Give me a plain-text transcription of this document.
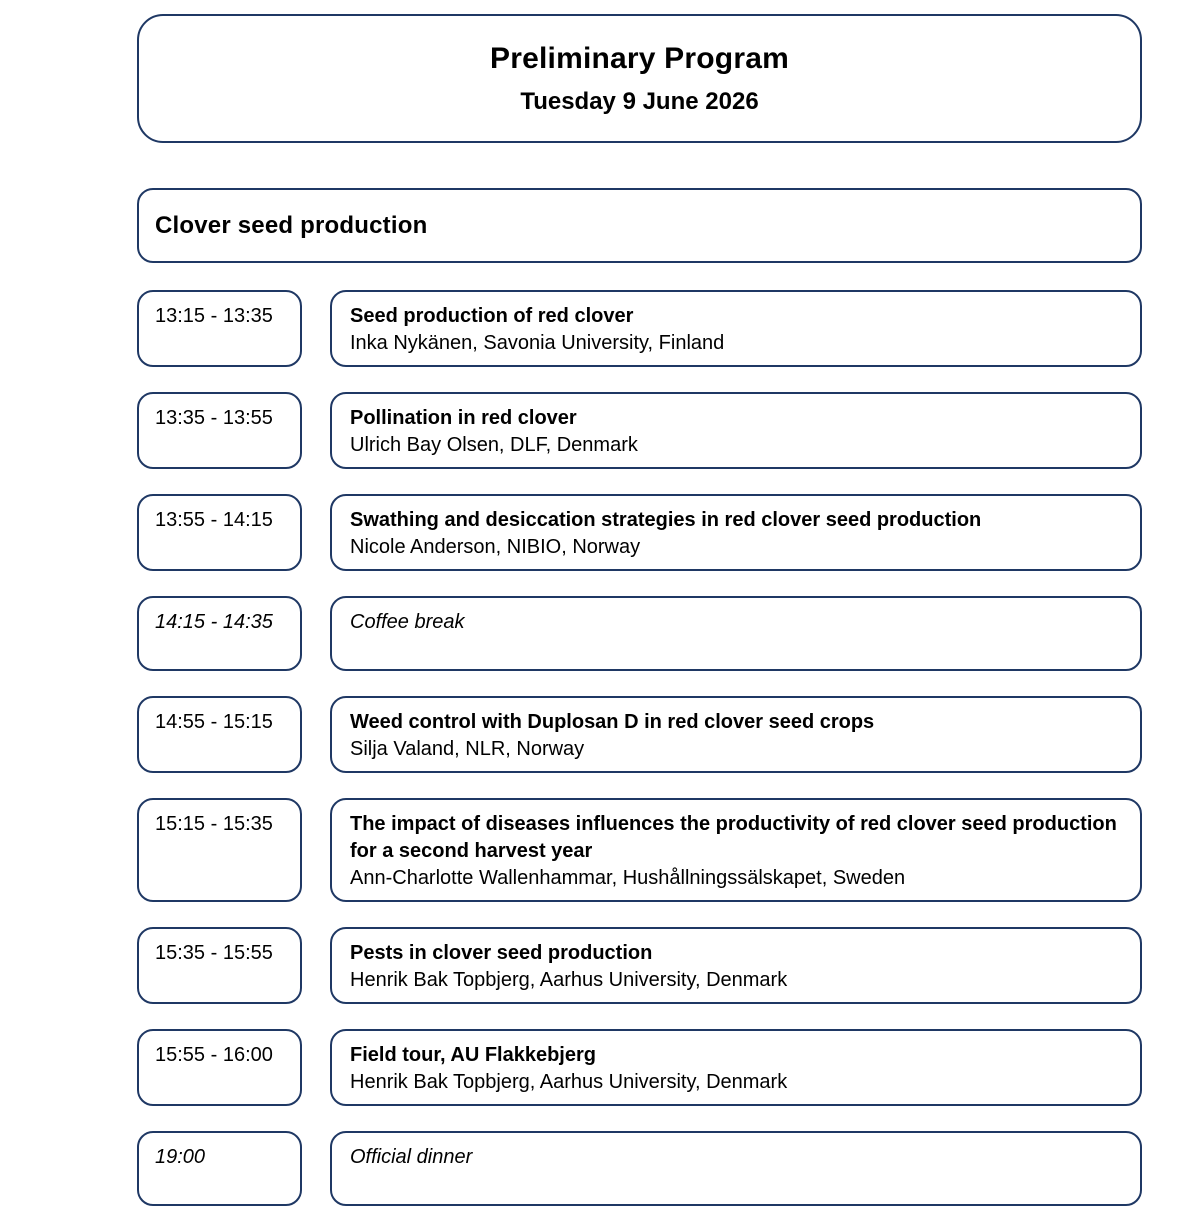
Preliminary Program
Tuesday 9 June 2026
Clover seed production
13:15 - 13:35	Seed production of red clover
Inka Nykänen, Savonia University, Finland
13:35 - 13:55	Pollination in red clover
Ulrich Bay Olsen, DLF, Denmark
13:55 - 14:15	Swathing and desiccation strategies in red clover seed production
Nicole Anderson, NIBIO, Norway
14:15 - 14:35	Coffee break
14:55 - 15:15	Weed control with Duplosan D in red clover seed crops
Silja Valand, NLR, Norway
15:15 - 15:35	The impact of diseases influences the productivity of red clover seed production for a second harvest year
Ann-Charlotte Wallenhammar, Hushållningssälskapet, Sweden
15:35 - 15:55	Pests in clover seed production
Henrik Bak Topbjerg, Aarhus University, Denmark
15:55 - 16:00	Field tour, AU Flakkebjerg
Henrik Bak Topbjerg, Aarhus University, Denmark
19:00	Official dinner
